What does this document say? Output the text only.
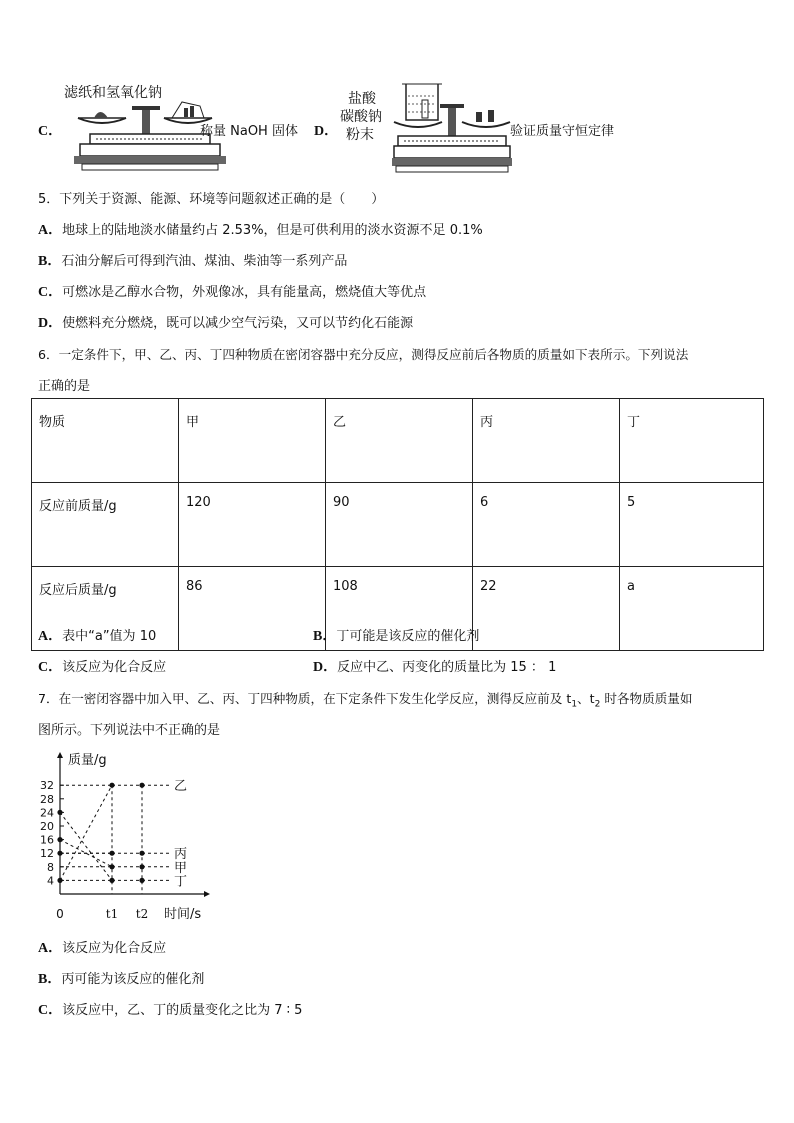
C．
滤纸和氢氧化钠
称量 NaOH 固体 D．
盐酸
碳酸钠
粉末	验证质量守恒定律
5．下列关于资源、能源、环境等问题叙述正确的是（　　）
A．地球上的陆地淡水储量约占 2.53%，但是可供利用的淡水资源不足 0.1%
B．石油分解后可得到汽油、煤油、柴油等一系列产品
C．可燃冰是乙醇水合物，外观像冰，具有能量高，燃烧值大等优点
D．使燃料充分燃烧，既可以减少空气污染，又可以节约化石能源
6．一定条件下，甲、乙、丙、丁四种物质在密闭容器中充分反应，测得反应前后各物质的质量如下表所示。下列说法
正确的是
物质	甲	乙	丙	丁
反应前质量/g	120	90	6	5
反应后质量/g	86	108	22	a
A．表中“a”值为 10	B．丁可能是该反应的催化剂
C．该反应为化合反应	D．反应中乙、丙变化的质量比为 15 ： 1
7．在一密闭容器中加入甲、乙、丙、丁四种物质，在下定条件下发生化学反应，测得反应前及 $t_1$、$t_2$ 时各物质质量如
图所示。下列说法中不正确的是
质量/g
时间/s
4
8
12
16
20
24
28
32
0	t1 t2
乙
丙
甲
丁
A．该反应为化合反应
B．丙可能为该反应的催化剂
C．该反应中，乙、丁的质量变化之比为 7 ∶ 5
